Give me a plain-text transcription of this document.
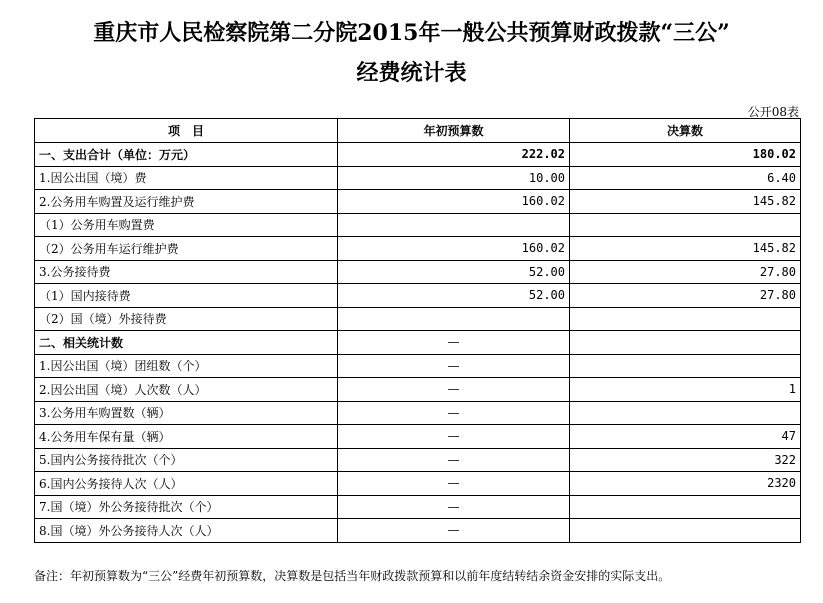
重庆市人民检察院第二分院2015年一般公共预算财政拨款“三公”
经费统计表
公开08表
项　目	年初预算数	决算数
一、支出合计（单位：万元）	222.02	180.02
1.因公出国（境）费	10.00	6.40
2.公务用车购置及运行维护费	160.02	145.82
（1）公务用车购置费		
（2）公务用车运行维护费	160.02	145.82
3.公务接待费	52.00	27.80
（1）国内接待费	52.00	27.80
（2）国（境）外接待费		
二、相关统计数	—	
1.因公出国（境）团组数（个）	—	
2.因公出国（境）人次数（人）	—	1
3.公务用车购置数（辆）	—	
4.公务用车保有量（辆）	—	47
5.国内公务接待批次（个）	—	322
6.国内公务接待人次（人）	—	2320
7.国（境）外公务接待批次（个）	—	
8.国（境）外公务接待人次（人）	—	
备注：年初预算数为“三公”经费年初预算数，决算数是包括当年财政拨款预算和以前年度结转结余资金安排的实际支出。
